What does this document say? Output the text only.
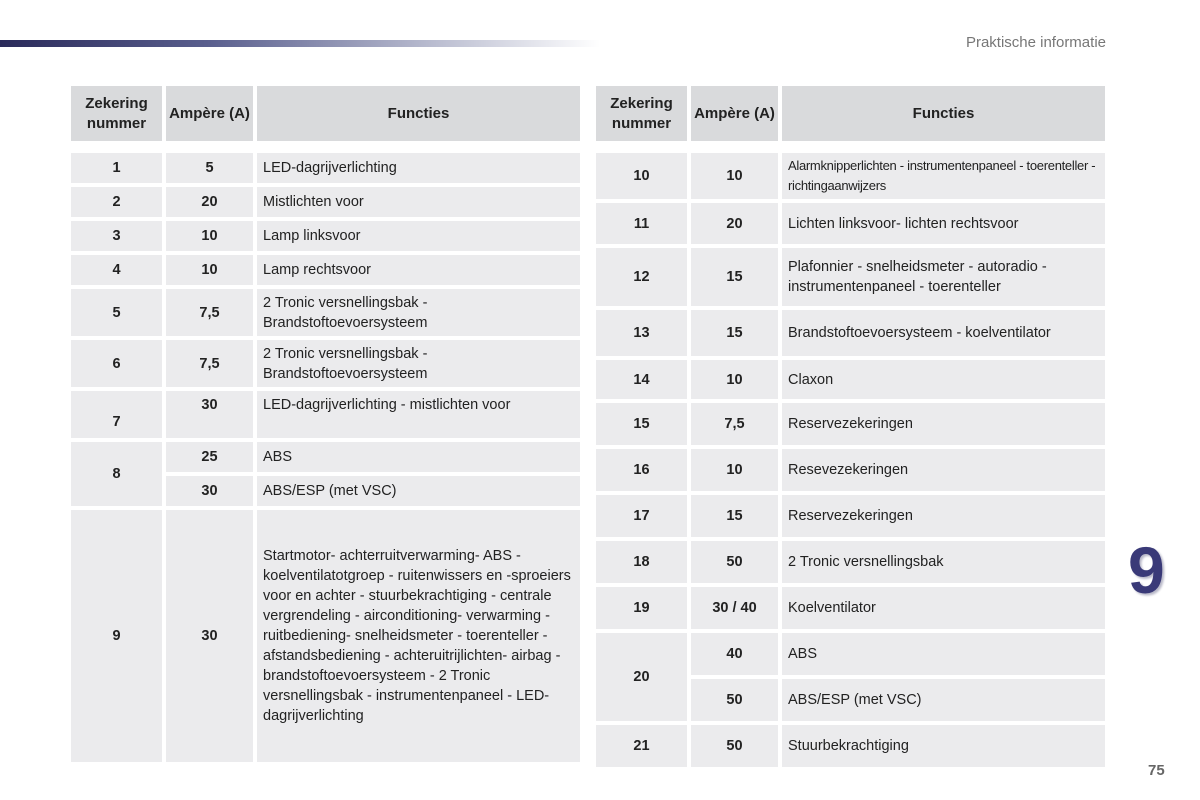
Praktische informatie
Zekering nummer	Ampère (A)	Functies

1	5	LED-dagrijverlichting
2	20	Mistlichten voor
3	10	Lamp linksvoor
4	10	Lamp rechtsvoor
5	7,5	2 Tronic versnellingsbak - Brandstoftoevoersysteem
6	7,5	2 Tronic versnellingsbak - Brandstoftoevoersysteem
7	30	LED-dagrijverlichting - mistlichten voor
8	25	ABS
	30	ABS/ESP (met VSC)
9	30	Startmotor- achterruitverwarming- ABS - koelventilatotgroep - ruitenwissers en -sproeiers voor en achter - stuurbekrachtiging - centrale vergrendeling - airconditioning- verwarming - ruitbediening- snelheidsmeter - toerenteller - afstandsbediening - achteruitrijlichten- airbag - brandstoftoevoersysteem - 2 Tronic versnellingsbak - instrumentenpaneel - LED- dagrijverlichting
Zekering nummer	Ampère (A)	Functies

10	10	Alarmknipperlichten - instrumentenpaneel - toerenteller - richtingaanwijzers
11	20	Lichten linksvoor- lichten rechtsvoor
12	15	Plafonnier - snelheidsmeter - autoradio - instrumentenpaneel - toerenteller
13	15	Brandstoftoevoersysteem - koelventilator
14	10	Claxon
15	7,5	Reservezekeringen
16	10	Resevezekeringen
17	15	Reservezekeringen
18	50	2 Tronic versnellingsbak
19	30 / 40	Koelventilator
20	40	ABS
	50	ABS/ESP (met VSC)
21	50	Stuurbekrachtiging
9
75
